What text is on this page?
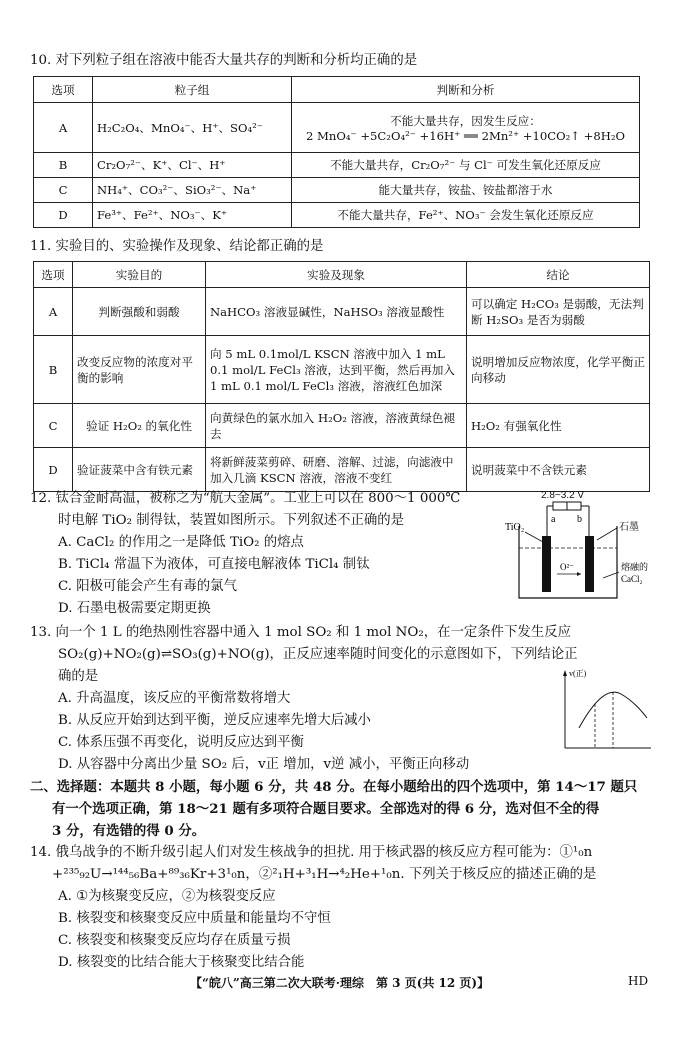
10. 对下列粒子组在溶液中能否大量共存的判断和分析均正确的是
选项	粒子组	判断和分析
A	H₂C₂O₄、MnO₄⁻、H⁺、SO₄²⁻	不能大量共存，因发生反应：
2 MnO₄⁻ +5C₂O₄²⁻ +16H⁺ ══ 2Mn²⁺ +10CO₂↑ +8H₂O

B	Cr₂O₇²⁻、K⁺、Cl⁻、H⁺	不能大量共存，Cr₂O₇²⁻ 与 Cl⁻ 可发生氧化还原反应
C	NH₄⁺、CO₃²⁻、SiO₃²⁻、Na⁺	能大量共存，铵盐、铵盐都溶于水
D	Fe³⁺、Fe²⁺、NO₃⁻、K⁺	不能大量共存，Fe²⁺、NO₃⁻ 会发生氧化还原反应
11. 实验目的、实验操作及现象、结论都正确的是
选项	实验目的	实验及现象	结论
A	判断强酸和弱酸	NaHCO₃ 溶液显碱性，NaHSO₃ 溶液显酸性	可以确定 H₂CO₃ 是弱酸，无法判断 H₂SO₃ 是否为弱酸
B	改变反应物的浓度对平衡的影响	向 5 mL 0.1mol/L KSCN 溶液中加入 1 mL 0.1 mol/L FeCl₃ 溶液，达到平衡，然后再加入 1 mL 0.1 mol/L FeCl₃ 溶液，溶液红色加深	说明增加反应物浓度，化学平衡正向移动
C	验证 H₂O₂ 的氧化性	向黄绿色的氯水加入 H₂O₂ 溶液，溶液黄绿色褪去	H₂O₂ 有强氧化性
D	验证菠菜中含有铁元素	将新鲜菠菜剪碎、研磨、溶解、过滤，向滤液中加入几滴 KSCN 溶液，溶液不变红	说明菠菜中不含铁元素
12. 钛合金耐高温，被称之为“航天金属”。工业上可以在 800～1 000℃
时电解 TiO₂ 制得钛，装置如图所示。下列叙述不正确的是
A. CaCl₂ 的作用之一是降低 TiO₂ 的熔点
B. TiCl₄ 常温下为液体，可直接电解液体 TiCl₄ 制钛
C. 阳极可能会产生有毒的氯气
D. 石墨电极需要定期更换
2.8~3.2 V
a b
TiO₂	石墨
O²⁻	熔融的
CaCl₂
13. 向一个 1 L 的绝热刚性容器中通入 1 mol SO₂ 和 1 mol NO₂，在一定条件下发生反应
SO₂(g)+NO₂(g)⇌SO₃(g)+NO(g)，正反应速率随时间变化的示意图如下，下列结论正
确的是
A. 升高温度，该反应的平衡常数将增大
B. 从反应开始到达到平衡，逆反应速率先增大后减小
C. 体系压强不再变化，说明反应达到平衡
D. 从容器中分离出少量 SO₂ 后，v正 增加，v逆 减小，平衡正向移动
v(正)
二、选择题：本题共 8 小题，每小题 6 分，共 48 分。在每小题给出的四个选项中，第 14～17 题只
有一个选项正确，第 18～21 题有多项符合题目要求。全部选对的得 6 分，选对但不全的得
3 分，有选错的得 0 分。
14. 俄乌战争的不断升级引起人们对发生核战争的担扰. 用于核武器的核反应方程可能为：①¹₀n
+²³⁵₉₂U→¹⁴⁴₅₆Ba+⁸⁹₃₆Kr+3¹₀n，②²₁H+³₁H→⁴₂He+¹₀n. 下列关于核反应的描述正确的是
A. ①为核聚变反应，②为核裂变反应
B. 核裂变和核聚变反应中质量和能量均不守恒
C. 核裂变和核聚变反应均存在质量亏损
D. 核裂变的比结合能大于核聚变比结合能
【“皖八”高三第二次大联考·理综　第 3 页(共 12 页)】	HD
